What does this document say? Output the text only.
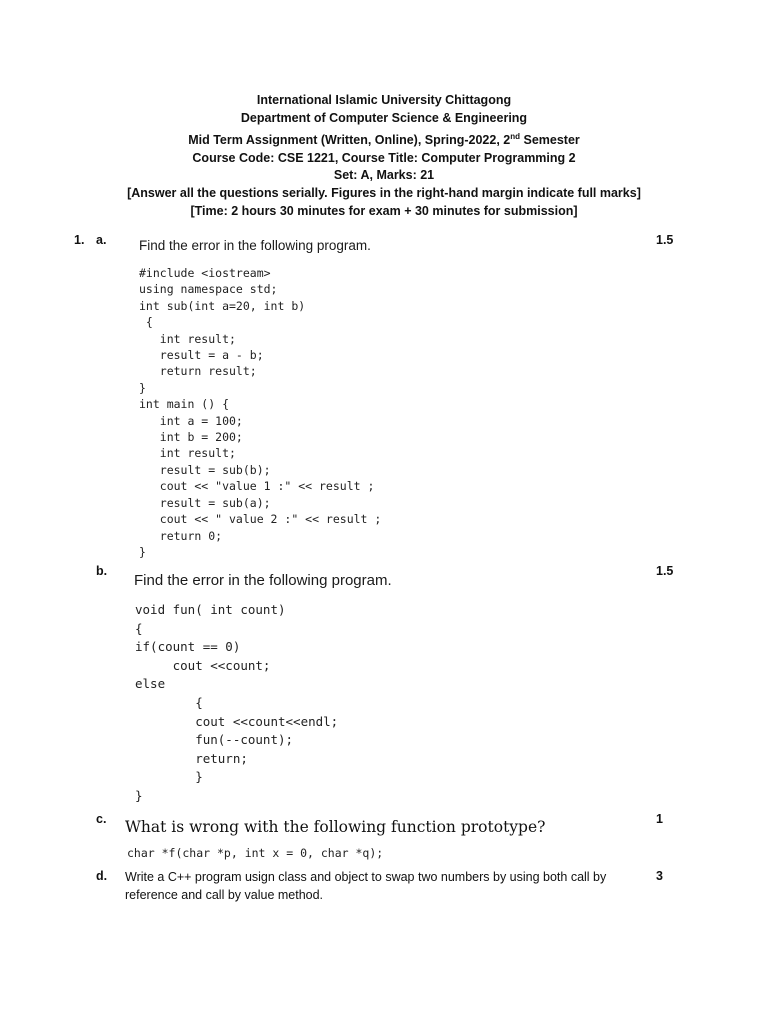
International Islamic University Chittagong
Department of Computer Science & Engineering
Mid Term Assignment (Written, Online), Spring-2022, 2nd Semester
Course Code: CSE 1221, Course Title: Computer Programming 2
Set: A, Marks: 21
[Answer all the questions serially. Figures in the right-hand margin indicate full marks]
[Time: 2 hours 30 minutes for exam + 30 minutes for submission]
1. a.	1.5
Find the error in the following program.
#include <iostream>
using namespace std;
int sub(int a=20, int b)
{
int result;
result = a - b;
return result;
}
int main () {
int a = 100;
int b = 200;
int result;
result = sub(b);
cout << "value 1 :" << result ;
result = sub(a);
cout << " value 2 :" << result ;
return 0;
}
b.	1.5
Find the error in the following program.
void fun( int count)
{
if(count == 0)
cout <<count;
else
{
cout <<count<<endl;
fun(--count);
return;
}
}
c.	1
What is wrong with the following function prototype?
char *f(char *p, int x = 0, char *q);
d.	3
Write a C++ program usign class and object to swap two numbers by using both call by reference and call by value method.
